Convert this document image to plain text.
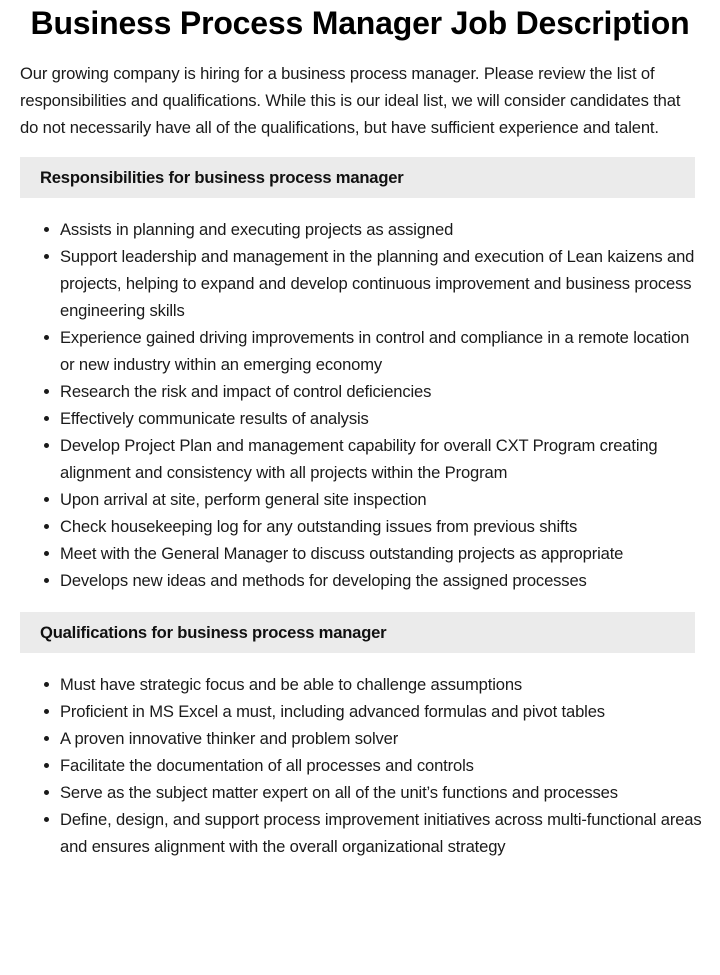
Business Process Manager Job Description

Our growing company is hiring for a business process manager. Please review the list of responsibilities and qualifications. While this is our ideal list, we will consider candidates that do not necessarily have all of the qualifications, but have sufficient experience and talent.

Responsibilities for business process manager
Assists in planning and executing projects as assigned
Support leadership and management in the planning and execution of Lean kaizens and projects, helping to expand and develop continuous improvement and business process engineering skills
Experience gained driving improvements in control and compliance in a remote location or new industry within an emerging economy
Research the risk and impact of control deficiencies
Effectively communicate results of analysis
Develop Project Plan and management capability for overall CXT Program creating alignment and consistency with all projects within the Program
Upon arrival at site, perform general site inspection
Check housekeeping log for any outstanding issues from previous shifts
Meet with the General Manager to discuss outstanding projects as appropriate
Develops new ideas and methods for developing the assigned processes
Qualifications for business process manager
Must have strategic focus and be able to challenge assumptions
Proficient in MS Excel a must, including advanced formulas and pivot tables
A proven innovative thinker and problem solver
Facilitate the documentation of all processes and controls
Serve as the subject matter expert on all of the unit’s functions and processes
Define, design, and support process improvement initiatives across multi-functional areas and ensures alignment with the overall organizational strategy
